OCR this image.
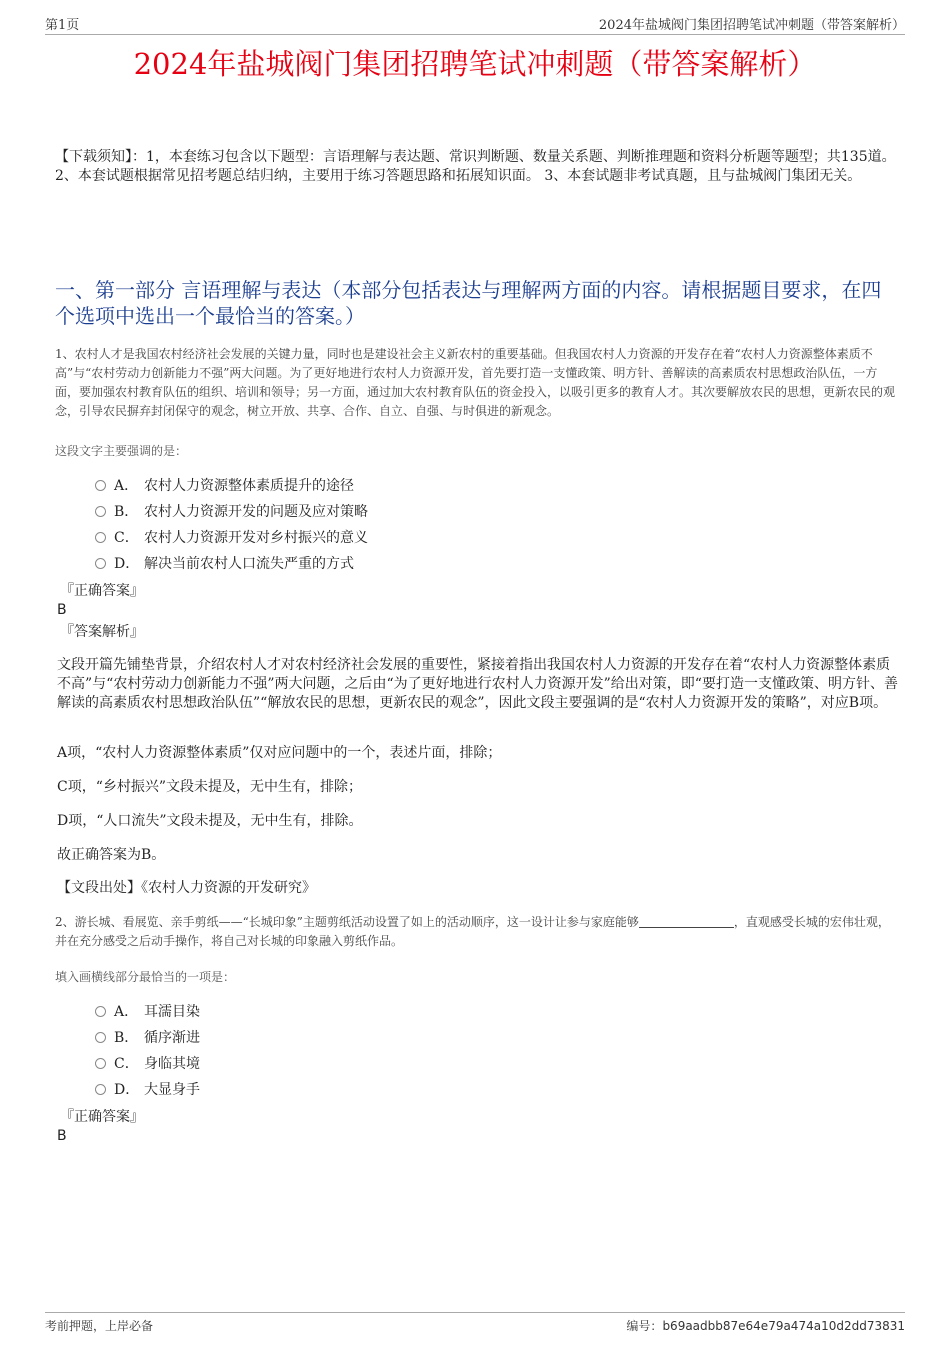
第1页	2024年盐城阀门集团招聘笔试冲刺题（带答案解析）
2024年盐城阀门集团招聘笔试冲刺题（带答案解析）
【下载须知】：1，本套练习包含以下题型：言语理解与表达题、常识判断题、数量关系题、判断推理题和资料分析题等题型；共135道。 2、本套试题根据常见招考题总结归纳，主要用于练习答题思路和拓展知识面。 3、本套试题非考试真题，且与盐城阀门集团无关。
一、第一部分 言语理解与表达（本部分包括表达与理解两方面的内容。请根据题目要求，在四个选项中选出一个最恰当的答案。）
1、农村人才是我国农村经济社会发展的关键力量，同时也是建设社会主义新农村的重要基础。但我国农村人力资源的开发存在着“农村人力资源整体素质不高”与“农村劳动力创新能力不强”两大问题。为了更好地进行农村人力资源开发，首先要打造一支懂政策、明方针、善解读的高素质农村思想政治队伍，一方面，要加强农村教育队伍的组织、培训和领导；另一方面，通过加大农村教育队伍的资金投入，以吸引更多的教育人才。其次要解放农民的思想，更新农民的观念，引导农民摒弃封闭保守的观念，树立开放、共享、合作、自立、自强、与时俱进的新观念。
这段文字主要强调的是：
A． 农村人力资源整体素质提升的途径
B． 农村人力资源开发的问题及应对策略
C． 农村人力资源开发对乡村振兴的意义
D． 解决当前农村人口流失严重的方式
『正确答案』
B
『答案解析』
文段开篇先铺垫背景，介绍农村人才对农村经济社会发展的重要性，紧接着指出我国农村人力资源的开发存在着“农村人力资源整体素质不高”与“农村劳动力创新能力不强”两大问题，之后由“为了更好地进行农村人力资源开发”给出对策，即“要打造一支懂政策、明方针、善解读的高素质农村思想政治队伍”“解放农民的思想，更新农民的观念”，因此文段主要强调的是“农村人力资源开发的策略”，对应B项。
A项，“农村人力资源整体素质”仅对应问题中的一个，表述片面，排除；
C项，“乡村振兴”文段未提及，无中生有，排除；
D项，“人口流失”文段未提及，无中生有，排除。
故正确答案为B。
【文段出处】《农村人力资源的开发研究》
2、游长城、看展览、亲手剪纸——“长城印象”主题剪纸活动设置了如上的活动顺序，这一设计让参与家庭能够	，直观感受长城的宏伟壮观，并在充分感受之后动手操作，将自己对长城的印象融入剪纸作品。
填入画横线部分最恰当的一项是：
A． 耳濡目染
B． 循序渐进
C． 身临其境
D． 大显身手
『正确答案』
B
考前押题，上岸必备	编号：b69aadbb87e64e79a474a10d2dd73831
